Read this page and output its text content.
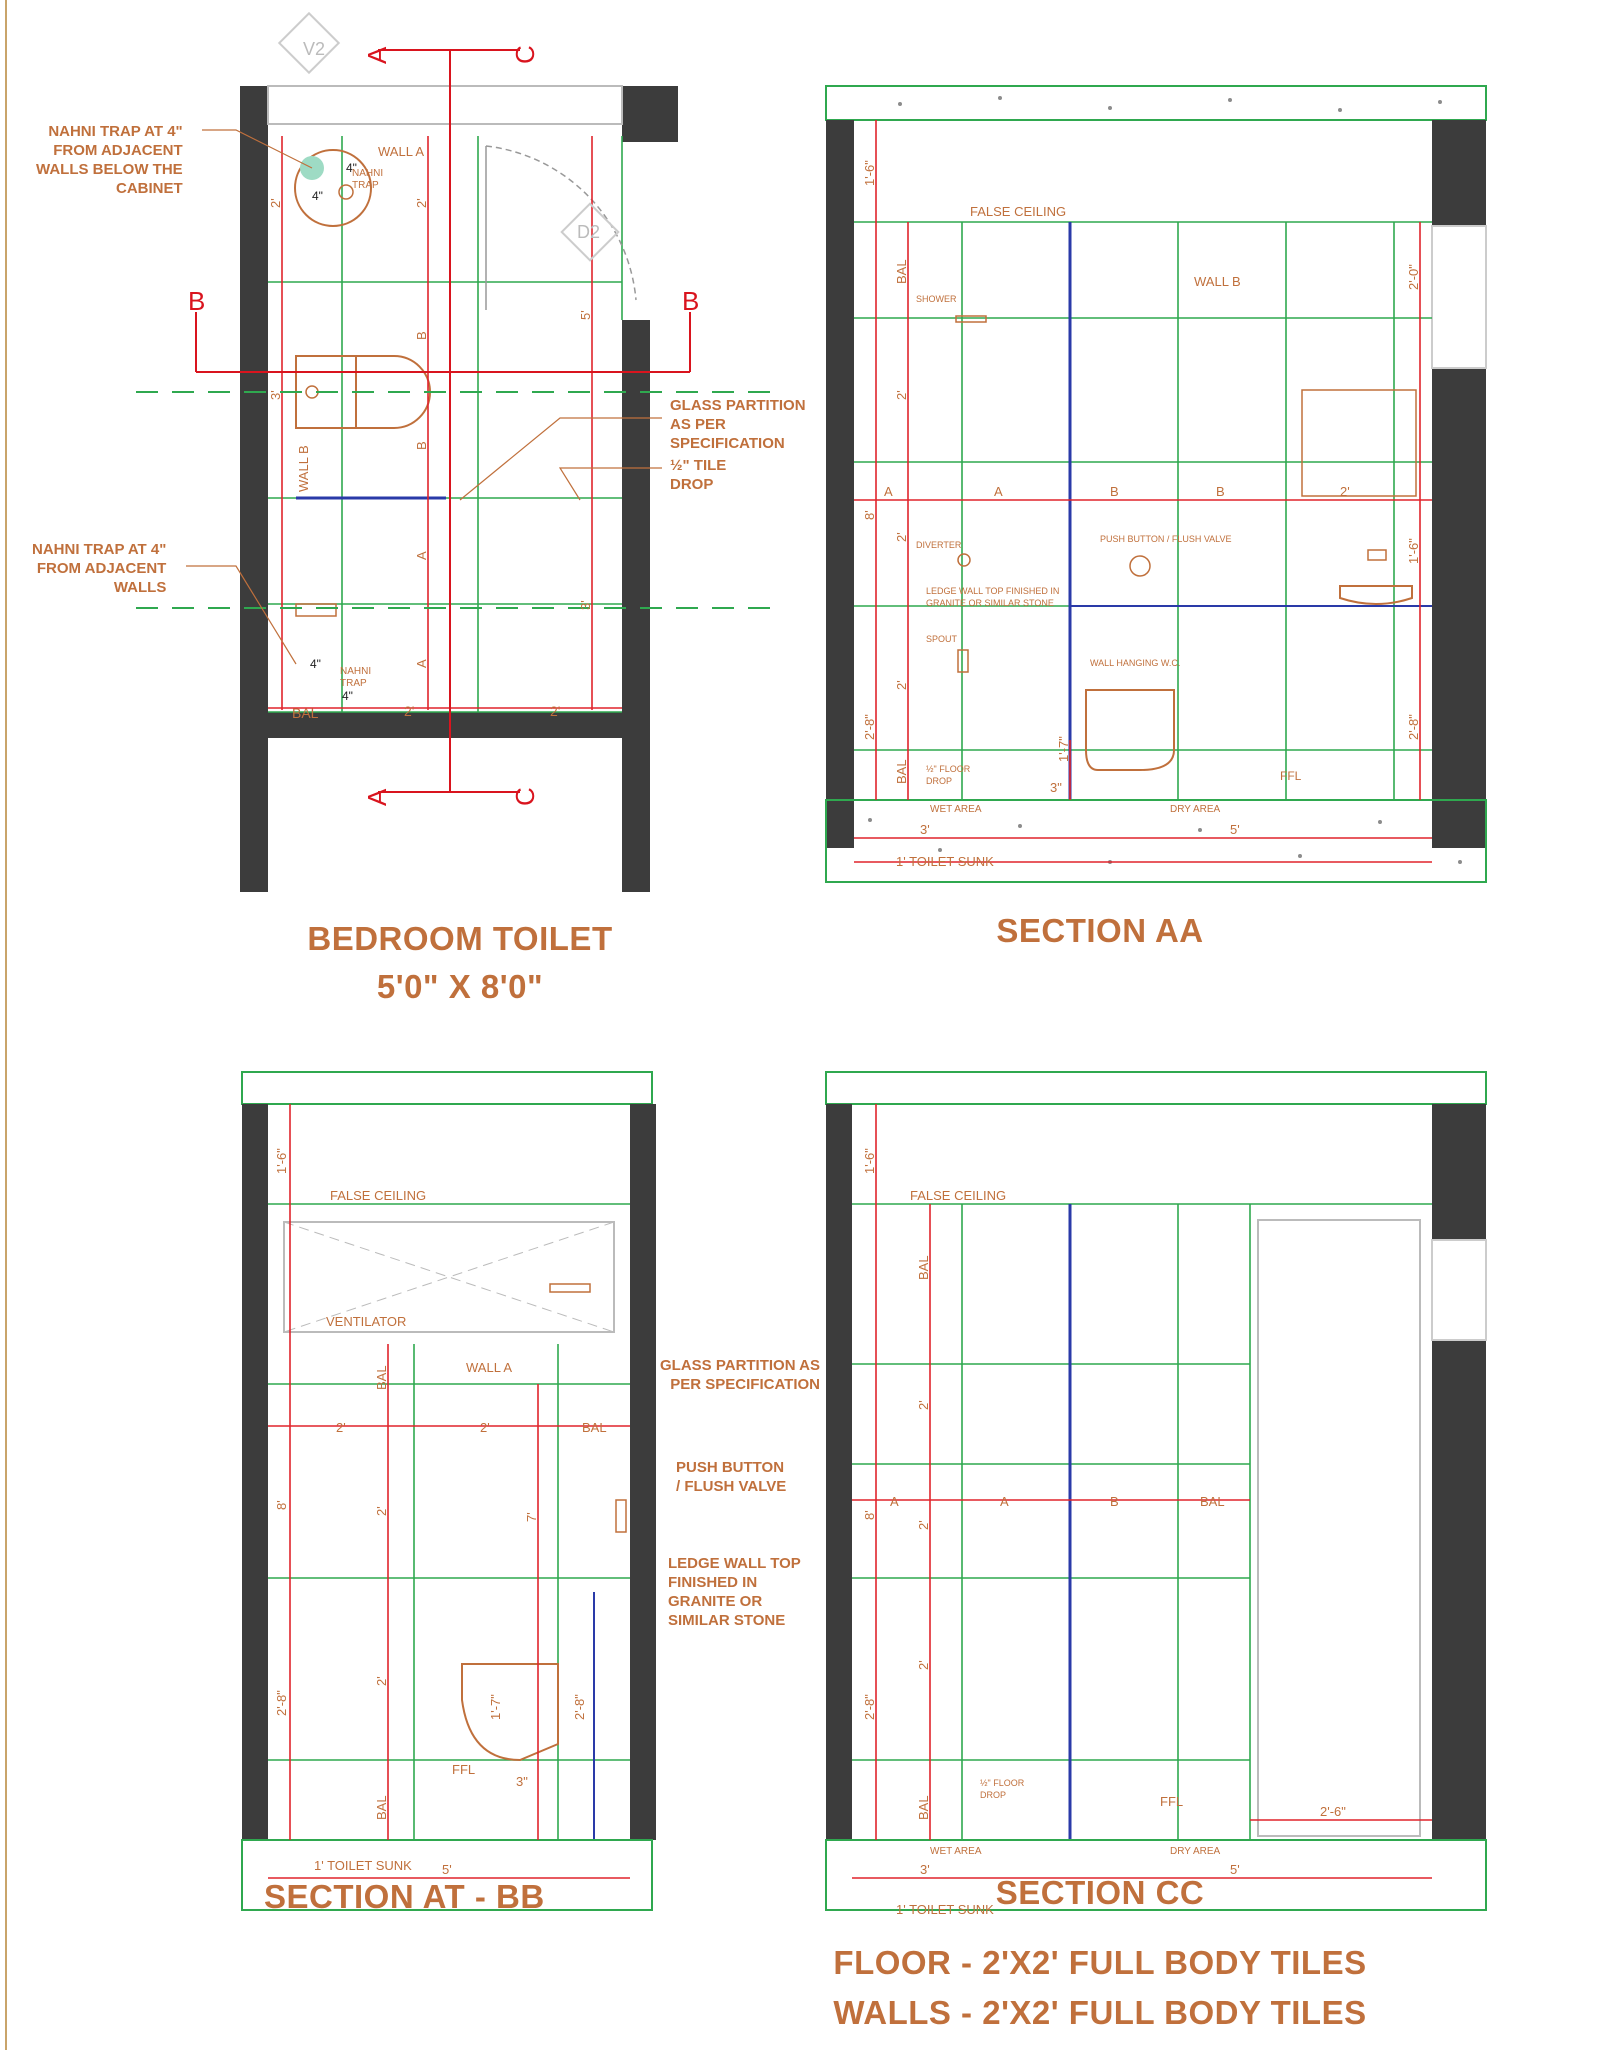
V2
D2
WALL A
WALL B
NAHNI
TRAP
NAHNI
TRAP
4"
4"
4"
4"
BAL	2'	2'
2'
3'
2'
B
B
A
A
5'
3'
A	C
A	C
B	B
NAHNI TRAP AT 4"
FROM ADJACENT
WALLS BELOW THE
CABINET
NAHNI TRAP AT 4"
FROM ADJACENT
WALLS
GLASS PARTITION
AS PER
SPECIFICATION
½" TILE
DROP
BEDROOM TOILET
5'0" X 8'0"
FALSE CEILING
WALL B
SHOWER
DIVERTER
SPOUT
PUSH BUTTON / FLUSH VALVE
LEDGE WALL TOP FINISHED IN
GRANITE OR SIMILAR STONE
WALL HANGING W.C.
½" FLOOR
DROP
WET AREA	DRY AREA
FFL
1' TOILET SUNK
3'	5'
A	A	B	B	2'
1'-6"
BAL
2'
8'
2'
2'-8"
BAL
2'-0"
1'-6"
2'-8"
2'
1'-7"
3"
SECTION AA
FALSE CEILING
VENTILATOR
WALL A
FFL
1' TOILET SUNK
1'-6"
8'
2'-8"
BAL
2'
2'
BAL
7'
1'-7"	2'-8"
3"
5'
2'	2'	BAL
PUSH BUTTON
/ FLUSH VALVE
LEDGE WALL TOP
FINISHED IN
GRANITE OR
SIMILAR STONE
SECTION AT - BB
FALSE CEILING
½" FLOOR
DROP
WET AREA	DRY AREA
FFL
1' TOILET SUNK
1'-6"
BAL
2'
8'
2'
2'-8"
2'
BAL	2'-6"
3'	5'
A	A	B	BAL
GLASS PARTITION AS
PER SPECIFICATION
SECTION CC
FLOOR - 2'X2' FULL BODY TILES
WALLS - 2'X2' FULL BODY TILES
